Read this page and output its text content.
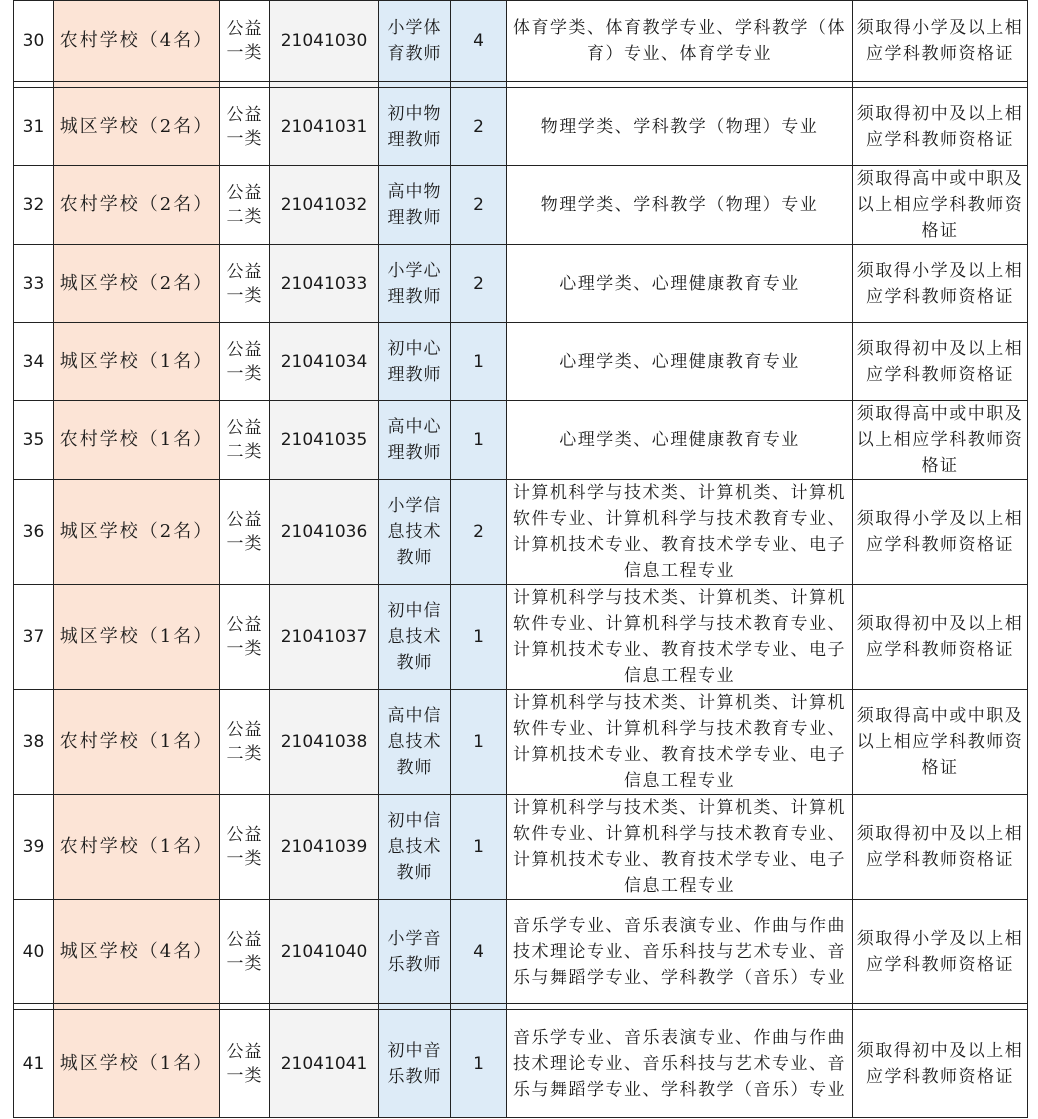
30	农村学校（4名）	公益一类	21041030	小学体育教师	4	体育学类、体育教学专业、学科教学（体育）专业、体育学专业	须取得小学及以上相应学科教师资格证

31	城区学校（2名）	公益一类	21041031	初中物理教师	2	物理学类、学科教学（物理）专业	须取得初中及以上相应学科教师资格证
32	农村学校（2名）	公益二类	21041032	高中物理教师	2	物理学类、学科教学（物理）专业	须取得高中或中职及以上相应学科教师资格证
33	城区学校（2名）	公益一类	21041033	小学心理教师	2	心理学类、心理健康教育专业	须取得小学及以上相应学科教师资格证
34	城区学校（1名）	公益一类	21041034	初中心理教师	1	心理学类、心理健康教育专业	须取得初中及以上相应学科教师资格证
35	农村学校（1名）	公益二类	21041035	高中心理教师	1	心理学类、心理健康教育专业	须取得高中或中职及以上相应学科教师资格证
36	城区学校（2名）	公益一类	21041036	小学信息技术教师	2	计算机科学与技术类、计算机类、计算机软件专业、计算机科学与技术教育专业、计算机技术专业、教育技术学专业、电子信息工程专业	须取得小学及以上相应学科教师资格证
37	城区学校（1名）	公益一类	21041037	初中信息技术教师	1	计算机科学与技术类、计算机类、计算机软件专业、计算机科学与技术教育专业、计算机技术专业、教育技术学专业、电子信息工程专业	须取得初中及以上相应学科教师资格证
38	农村学校（1名）	公益二类	21041038	高中信息技术教师	1	计算机科学与技术类、计算机类、计算机软件专业、计算机科学与技术教育专业、计算机技术专业、教育技术学专业、电子信息工程专业	须取得高中或中职及以上相应学科教师资格证
39	农村学校（1名）	公益一类	21041039	初中信息技术教师	1	计算机科学与技术类、计算机类、计算机软件专业、计算机科学与技术教育专业、计算机技术专业、教育技术学专业、电子信息工程专业	须取得初中及以上相应学科教师资格证
40	城区学校（4名）	公益一类	21041040	小学音乐教师	4	音乐学专业、音乐表演专业、作曲与作曲技术理论专业、音乐科技与艺术专业、音乐与舞蹈学专业、学科教学（音乐）专业	须取得小学及以上相应学科教师资格证

41	城区学校（1名）	公益一类	21041041	初中音乐教师	1	音乐学专业、音乐表演专业、作曲与作曲技术理论专业、音乐科技与艺术专业、音乐与舞蹈学专业、学科教学（音乐）专业	须取得初中及以上相应学科教师资格证
